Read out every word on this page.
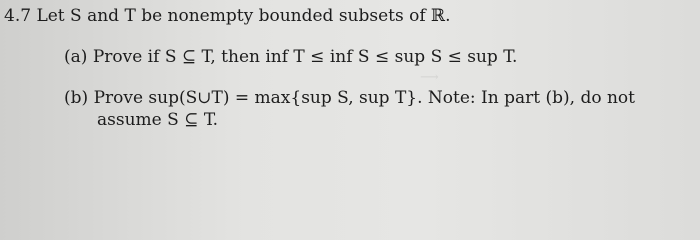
⟶
4.7 Let S and T be nonempty bounded subsets of ℝ.
(a) Prove if S ⊆ T, then inf T ≤ inf S ≤ sup S ≤ sup T.
(b) Prove sup(S∪T) = max{sup S, sup T}. Note: In part (b), do not
assume S ⊆ T.
